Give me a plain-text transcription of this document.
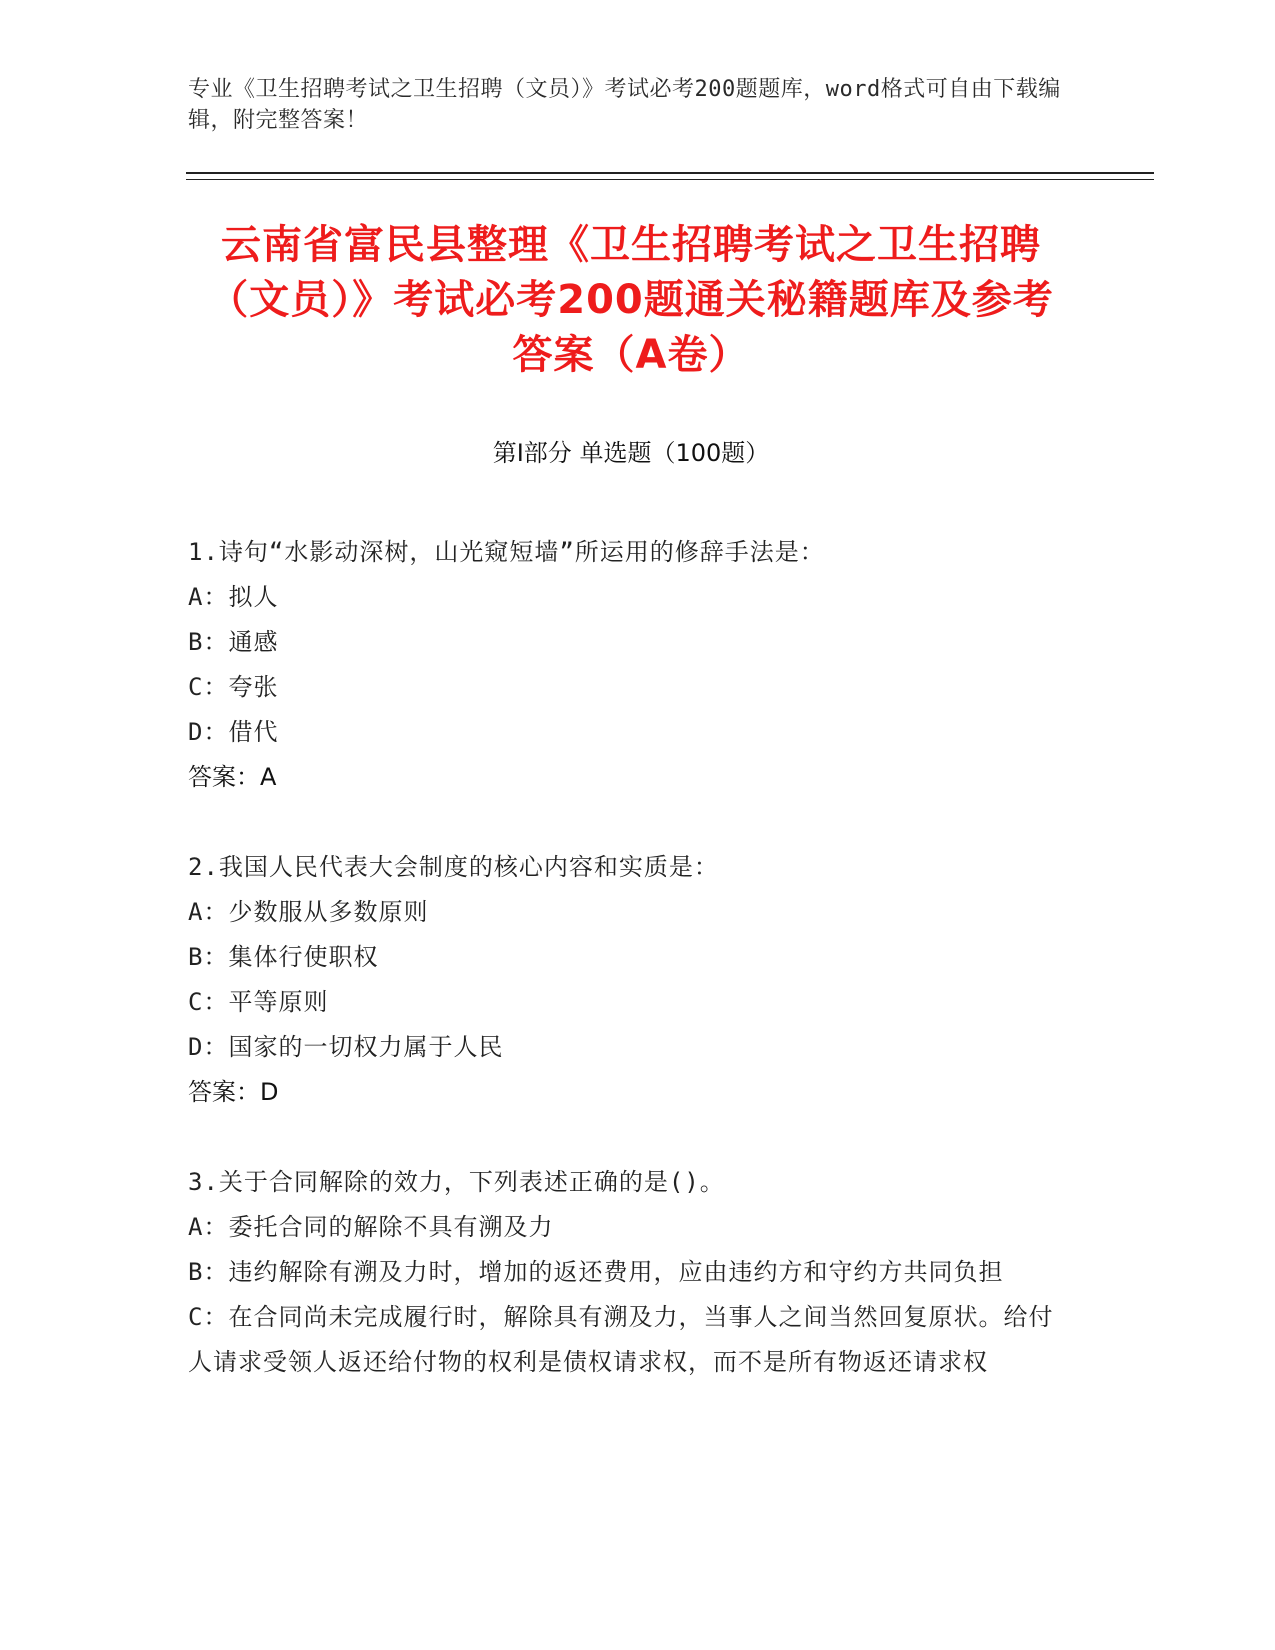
专业《卫生招聘考试之卫生招聘（文员）》考试必考200题题库，word格式可自由下载编辑，附完整答案！
云南省富民县整理《卫生招聘考试之卫生招聘（文员）》考试必考200题通关秘籍题库及参考答案（A卷）
第I部分 单选题（100题）

1.诗句“水影动深树，山光窥短墙”所运用的修辞手法是：

A：拟人

B：通感

C：夸张

D：借代

答案：A

2.我国人民代表大会制度的核心内容和实质是：

A：少数服从多数原则

B：集体行使职权

C：平等原则

D：国家的一切权力属于人民

答案：D

3.关于合同解除的效力，下列表述正确的是()。

A：委托合同的解除不具有溯及力

B：违约解除有溯及力时，增加的返还费用，应由违约方和守约方共同负担

C：在合同尚未完成履行时，解除具有溯及力，当事人之间当然回复原状。给付人请求受领人返还给付物的权利是债权请求权，而不是所有物返还请求权
